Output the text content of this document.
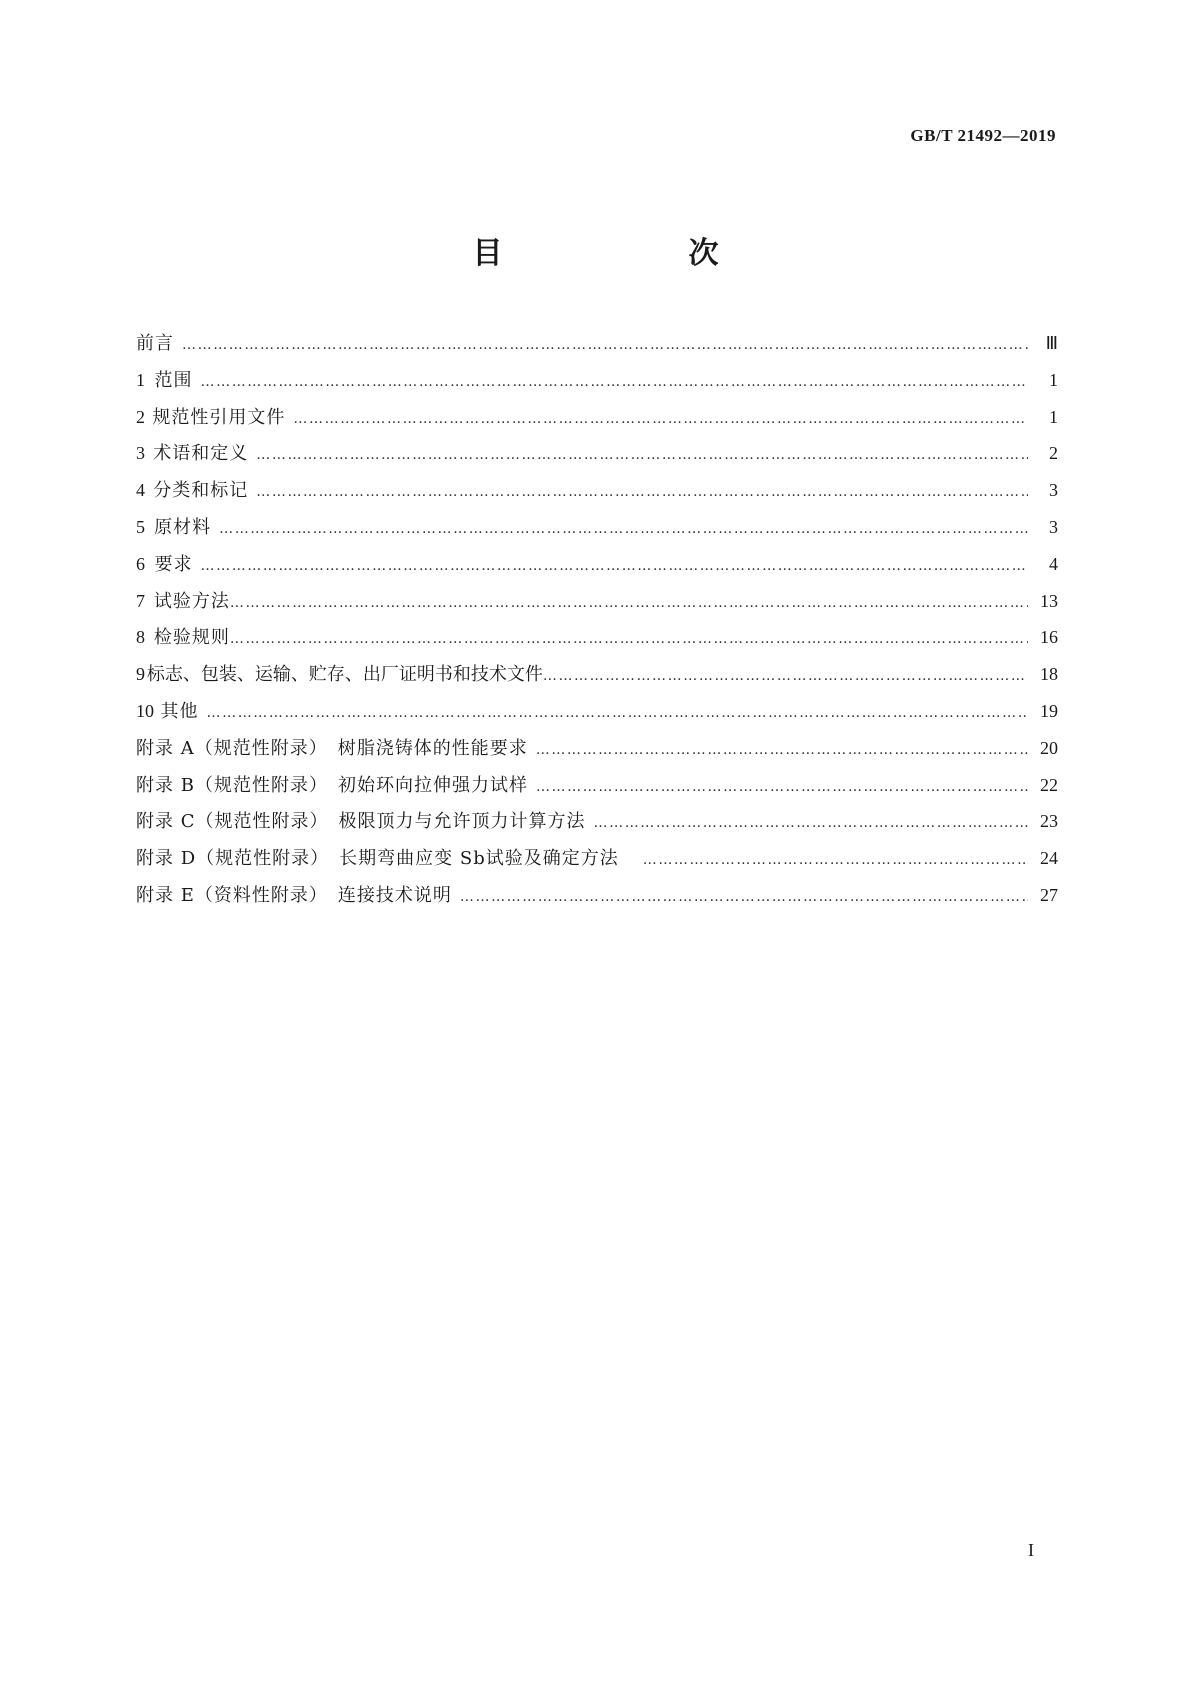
GB/T 21492—2019
目　　次
前言 ……………………………………………………………………………………………………………………………………………………………………………………………………………………………………	Ⅲ
1 范围 ……………………………………………………………………………………………………………………………………………………………………………………………………………………………………	1
2 规范性引用文件 ……………………………………………………………………………………………………………………………………………………………………………………………………………………………………	1
3 术语和定义 ……………………………………………………………………………………………………………………………………………………………………………………………………………………………………	2
4 分类和标记 ……………………………………………………………………………………………………………………………………………………………………………………………………………………………………	3
5 原材料 ……………………………………………………………………………………………………………………………………………………………………………………………………………………………………	3
6 要求 ……………………………………………………………………………………………………………………………………………………………………………………………………………………………………	4
7 试验方法 ……………………………………………………………………………………………………………………………………………………………………………………………………………………………………	13
8 检验规则 ……………………………………………………………………………………………………………………………………………………………………………………………………………………………………	16
9 标志、包装、运输、贮存、出厂证明书和技术文件 ……………………………………………………………………………………………………………………………………………………………………………………………………………………………………	18
10 其他 ……………………………………………………………………………………………………………………………………………………………………………………………………………………………………	19
附录 A（规范性附录）　树脂浇铸体的性能要求 ……………………………………………………………………………………………………………………………………………………………………………………………………………………………………	20
附录 B（规范性附录）　初始环向拉伸强力试样 ……………………………………………………………………………………………………………………………………………………………………………………………………………………………………	22
附录 C（规范性附录）　极限顶力与允许顶力计算方法 ……………………………………………………………………………………………………………………………………………………………………………………………………………………………………	23
附录 D（规范性附录）　长期弯曲应变 Sb试验及确定方法 ……………………………………………………………………………………………………………………………………………………………………………………………………………………………………	24
附录 E（资料性附录）　连接技术说明 ……………………………………………………………………………………………………………………………………………………………………………………………………………………………………	27
I
